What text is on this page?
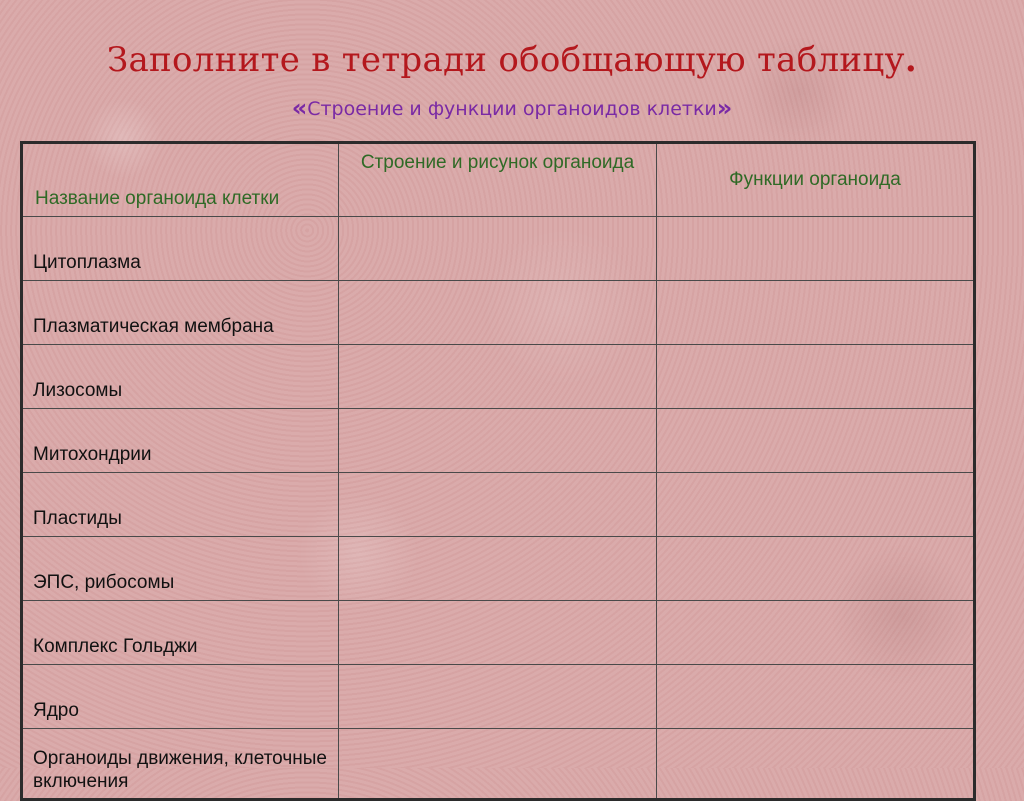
Заполните в тетради обобщающую таблицу.

«Строение и функции органоидов клетки»

Название органоида клетки	Строение и рисунок органоида	Функции органоида
Цитоплазма		
Плазматическая мембрана		
Лизосомы		
Митохондрии		
Пластиды		
ЭПС, рибосомы		
Комплекс Гольджи		
Ядро		
Органоиды движения, клеточные включения		
